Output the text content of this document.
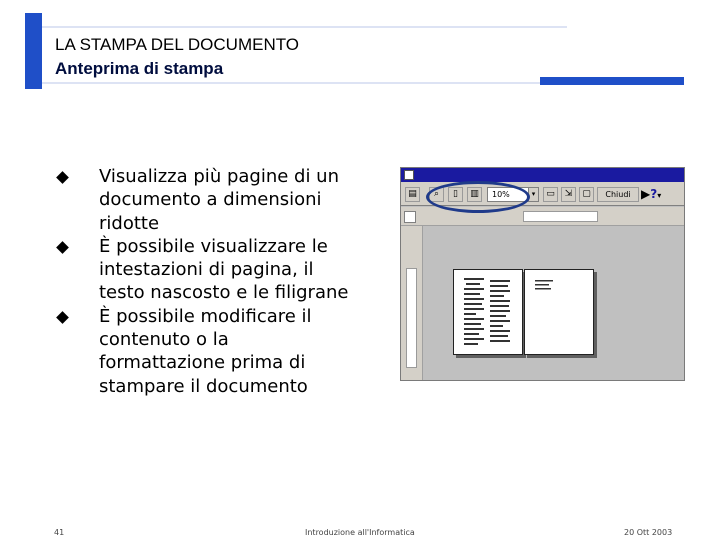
LA STAMPA DEL DOCUMENTO
Anteprima di stampa
Visualizza più pagine di un documento a dimensioni ridotte
È possibile visualizzare le intestazioni di pagina, il testo nascosto e le filigrane
È possibile modificare il contenuto o la formattazione prima di stampare il documento
▤	⌕	▯	▥	10%	▾	▭	⇲	▢	Chiudi ▶?▾
41	Introduzione all'Informatica	20 Ott 2003
